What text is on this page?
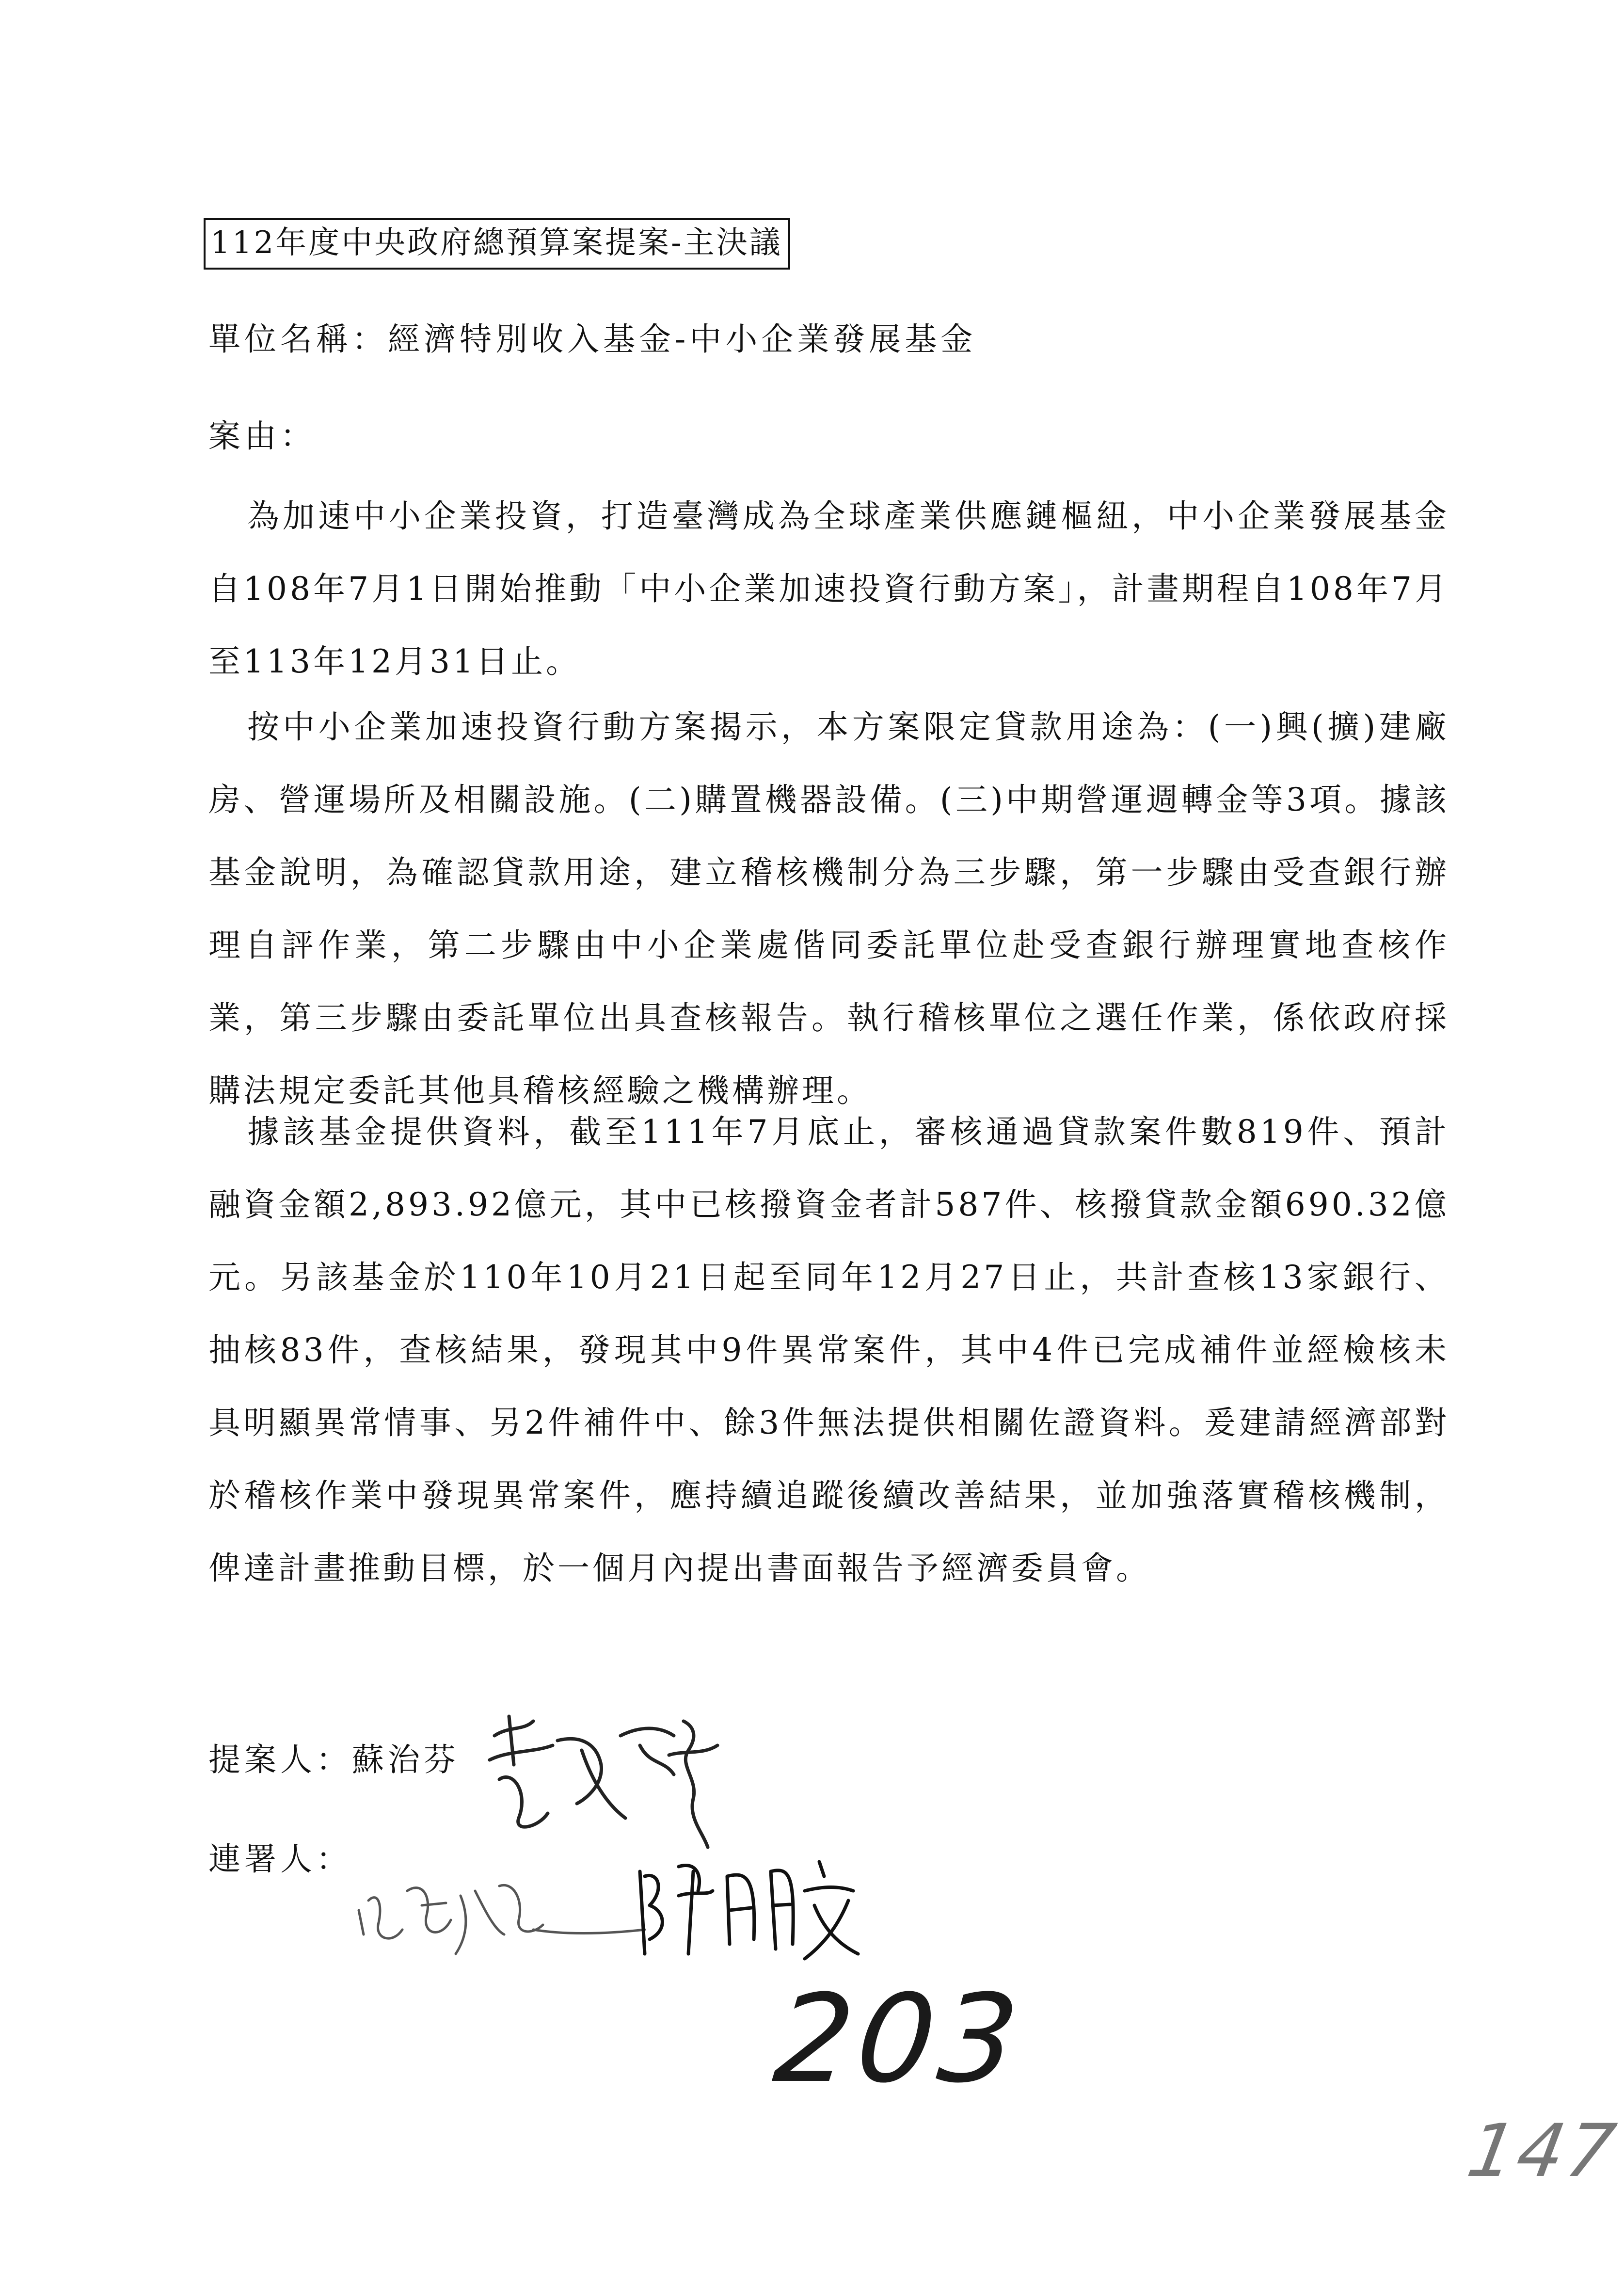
112年度中央政府總預算案提案-主決議
單位名稱：經濟特別收入基金-中小企業發展基金
案由：

為加速中小企業投資，打造臺灣成為全球產業供應鏈樞紐，中小企業發展基金自108年7月1日開始推動「中小企業加速投資行動方案」，計畫期程自108年7月至113年12月31日止。

按中小企業加速投資行動方案揭示，本方案限定貸款用途為：(一)興(擴)建廠房、營運場所及相關設施。(二)購置機器設備。(三)中期營運週轉金等3項。據該基金說明，為確認貸款用途，建立稽核機制分為三步驟，第一步驟由受查銀行辦理自評作業，第二步驟由中小企業處偕同委託單位赴受查銀行辦理實地查核作業，第三步驟由委託單位出具查核報告。執行稽核單位之選任作業，係依政府採購法規定委託其他具稽核經驗之機構辦理。

據該基金提供資料，截至111年7月底止，審核通過貸款案件數819件、預計融資金額2,893.92億元，其中已核撥資金者計587件、核撥貸款金額690.32億元。另該基金於110年10月21日起至同年12月27日止，共計查核13家銀行、抽核83件，查核結果，發現其中9件異常案件，其中4件已完成補件並經檢核未具明顯異常情事、另2件補件中、餘3件無法提供相關佐證資料。爰建請經濟部對於稽核作業中發現異常案件，應持續追蹤後續改善結果，並加強落實稽核機制，俾達計畫推動目標，於一個月內提出書面報告予經濟委員會。

提案人：蘇治芬
連署人：
203
147
